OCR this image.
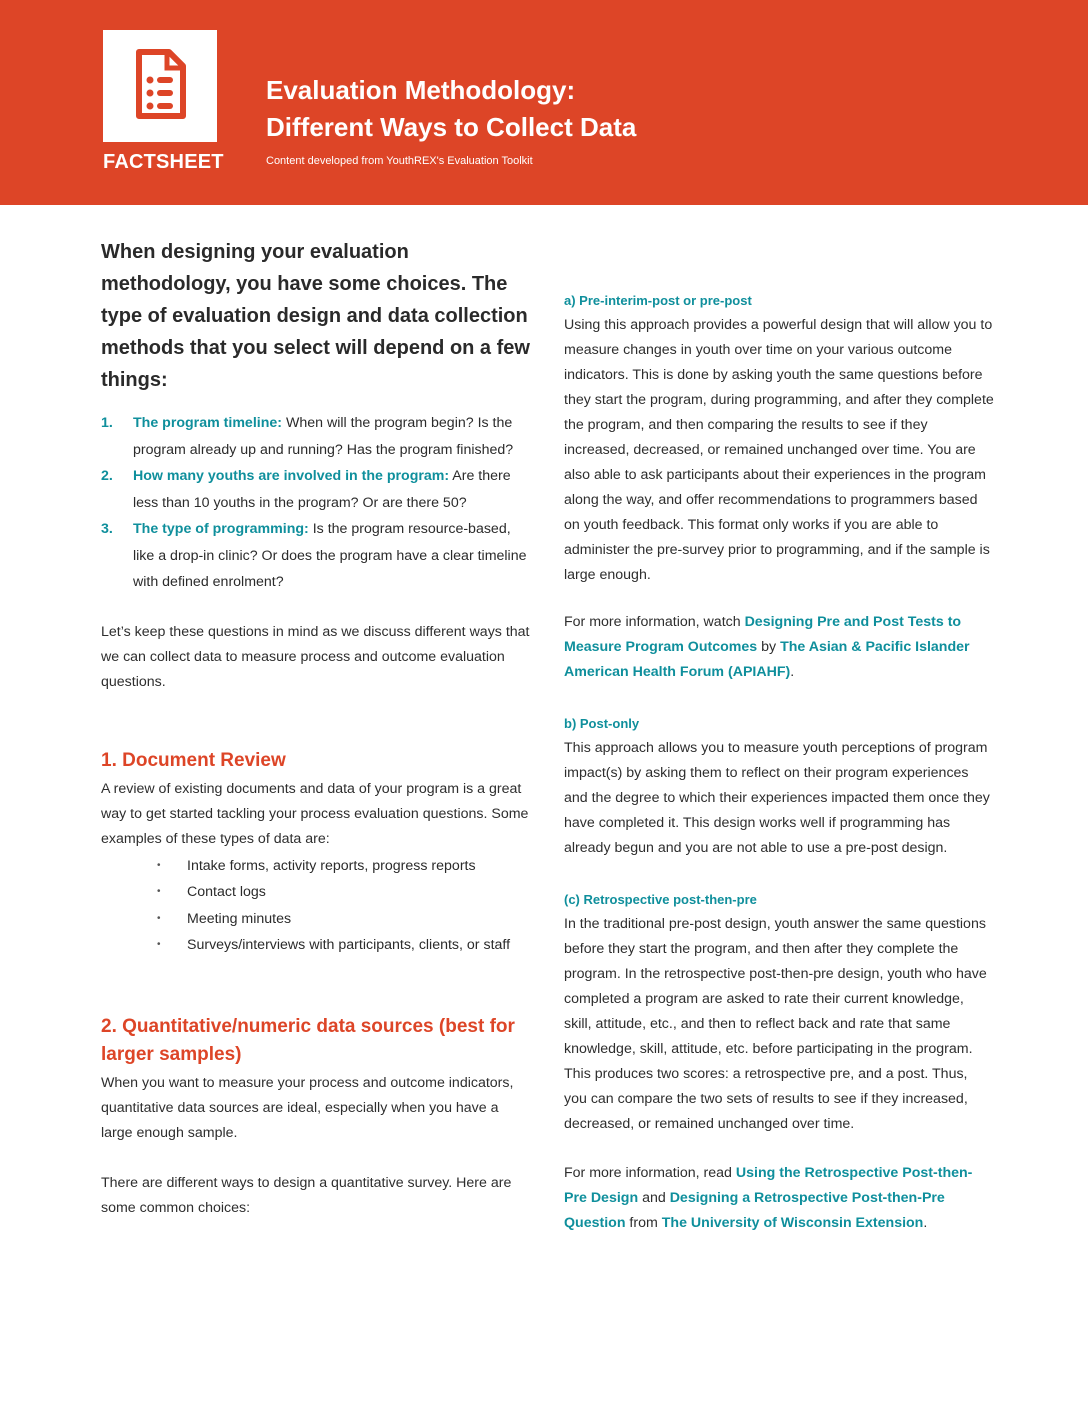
FACTSHEET
Evaluation Methodology:
Different Ways to Collect Data
Content developed from YouthREX's Evaluation Toolkit

When designing your evaluation methodology, you have some choices. The type of evaluation design and data collection methods that you select will depend on a few things:

1. The program timeline: When will the program begin? Is the program already up and running? Has the program finished?
2. How many youths are involved in the program: Are there less than 10 youths in the program? Or are there 50?
3. The type of programming: Is the program resource-based, like a drop-in clinic? Or does the program have a clear timeline with defined enrolment?

Let’s keep these questions in mind as we discuss different ways that we can collect data to measure process and outcome evaluation questions.

1. Document Review

A review of existing documents and data of your program is a great way to get started tackling your process evaluation questions. Some examples of these types of data are:

• Intake forms, activity reports, progress reports
• Contact logs
• Meeting minutes
• Surveys/interviews with participants, clients, or staff
2. Quantitative/numeric data sources (best for larger samples)

When you want to measure your process and outcome indicators, quantitative data sources are ideal, especially when you have a large enough sample.

There are different ways to design a quantitative survey. Here are some common choices:

a) Pre-interim-post or pre-post

Using this approach provides a powerful design that will allow you to measure changes in youth over time on your various outcome indicators. This is done by asking youth the same questions before they start the program, during programming, and after they complete the program, and then comparing the results to see if they increased, decreased, or remained unchanged over time. You are also able to ask participants about their experiences in the program along the way, and offer recommendations to programmers based on youth feedback. This format only works if you are able to administer the pre-survey prior to programming, and if the sample is large enough.

For more information, watch Designing Pre and Post Tests to Measure Program Outcomes by The Asian & Pacific Islander American Health Forum (APIAHF).

b) Post-only

This approach allows you to measure youth perceptions of program impact(s) by asking them to reflect on their program experiences and the degree to which their experiences impacted them once they have completed it. This design works well if programming has already begun and you are not able to use a pre-post design.

(c) Retrospective post-then-pre

In the traditional pre-post design, youth answer the same questions before they start the program, and then after they complete the program. In the retrospective post-then-pre design, youth who have completed a program are asked to rate their current knowledge, skill, attitude, etc., and then to reflect back and rate that same knowledge, skill, attitude, etc. before participating in the program. This produces two scores: a retrospective pre, and a post. Thus, you can compare the two sets of results to see if they increased, decreased, or remained unchanged over time.

For more information, read Using the Retrospective Post-then-Pre Design and Designing a Retrospective Post-then-Pre Question from The University of Wisconsin Extension.
